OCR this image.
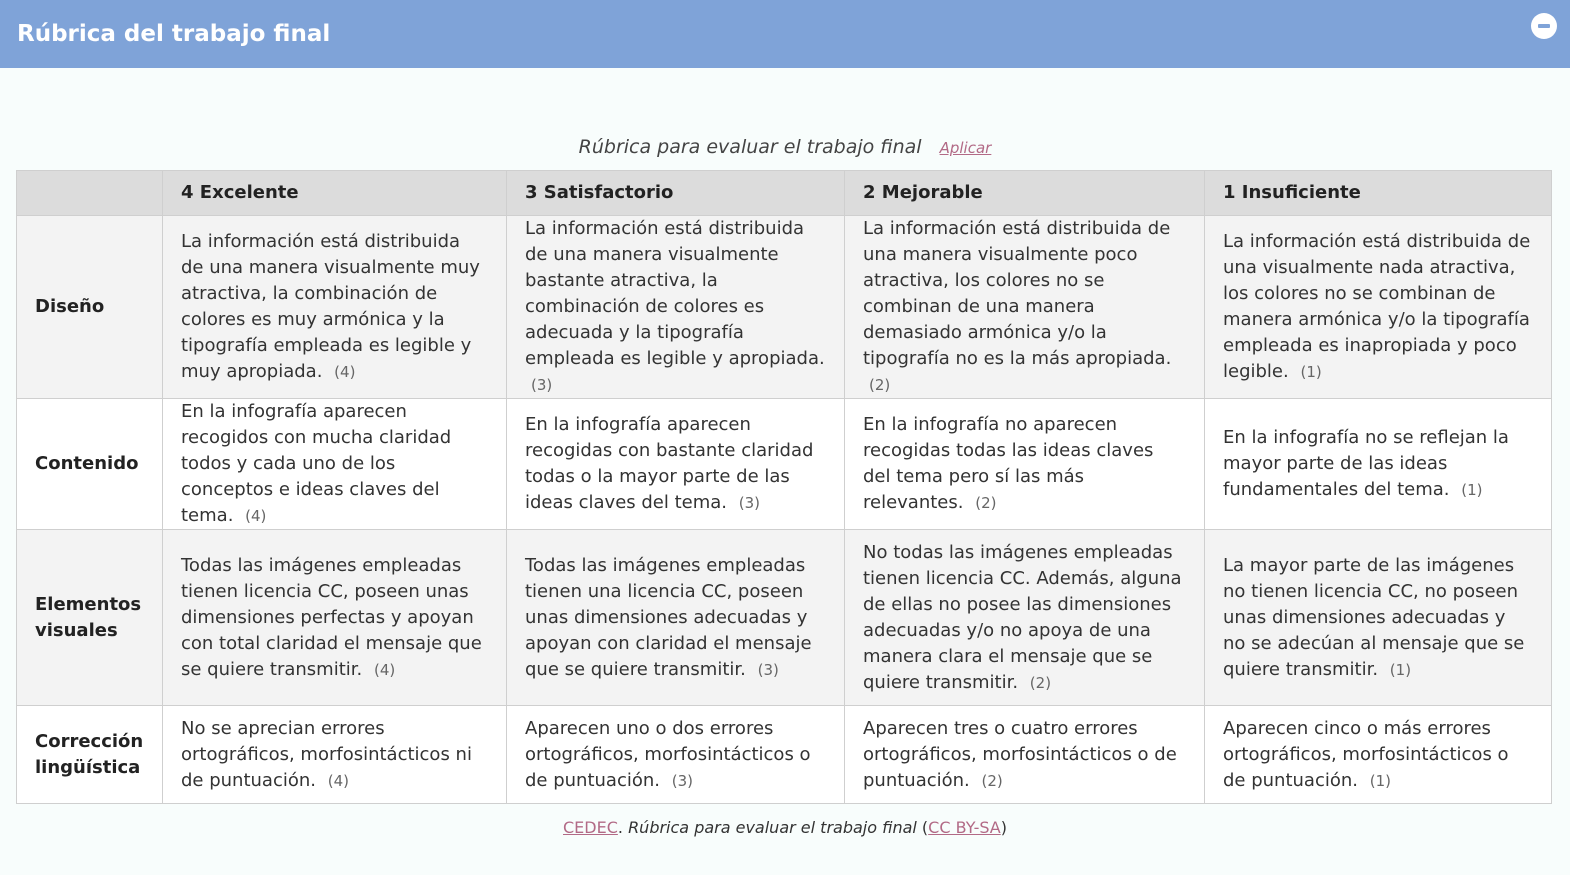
Rúbrica del trabajo final
Rúbrica para evaluar el trabajo final Aplicar
	4 Excelente	3 Satisfactorio	2 Mejorable	1 Insuficiente
Diseño	La información está distribuida de una manera visualmente muy atractiva, la combinación de colores es muy armónica y la tipografía empleada es legible y muy apropiada. (4)	La información está distribuida de una manera visualmente bastante atractiva, la combinación de colores es adecuada y la tipografía empleada es legible y apropiada. (3)	La información está distribuida de una manera visualmente poco atractiva, los colores no se combinan de una manera demasiado armónica y/o la tipografía no es la más apropiada. (2)	La información está distribuida de una visualmente nada atractiva, los colores no se combinan de manera armónica y/o la tipografía empleada es inapropiada y poco legible. (1)
Contenido	En la infografía aparecen recogidos con mucha claridad todos y cada uno de los conceptos e ideas claves del tema. (4)	En la infografía aparecen recogidas con bastante claridad todas o la mayor parte de las ideas claves del tema. (3)	En la infografía no aparecen recogidas todas las ideas claves del tema pero sí las más relevantes. (2)	En la infografía no se reflejan la mayor parte de las ideas fundamentales del tema. (1)
Elementos visuales	Todas las imágenes empleadas tienen licencia CC, poseen unas dimensiones perfectas y apoyan con total claridad el mensaje que se quiere transmitir. (4)	Todas las imágenes empleadas tienen una licencia CC, poseen unas dimensiones adecuadas y apoyan con claridad el mensaje que se quiere transmitir. (3)	No todas las imágenes empleadas tienen licencia CC. Además, alguna de ellas no posee las dimensiones adecuadas y/o no apoya de una manera clara el mensaje que se quiere transmitir. (2)	La mayor parte de las imágenes no tienen licencia CC, no poseen unas dimensiones adecuadas y no se adecúan al mensaje que se quiere transmitir. (1)
Corrección lingüística	No se aprecian errores ortográficos, morfosintácticos ni de puntuación. (4)	Aparecen uno o dos errores ortográficos, morfosintácticos o de puntuación. (3)	Aparecen tres o cuatro errores ortográficos, morfosintácticos o de puntuación. (2)	Aparecen cinco o más errores ortográficos, morfosintácticos o de puntuación. (1)
CEDEC. Rúbrica para evaluar el trabajo final (CC BY-SA)
